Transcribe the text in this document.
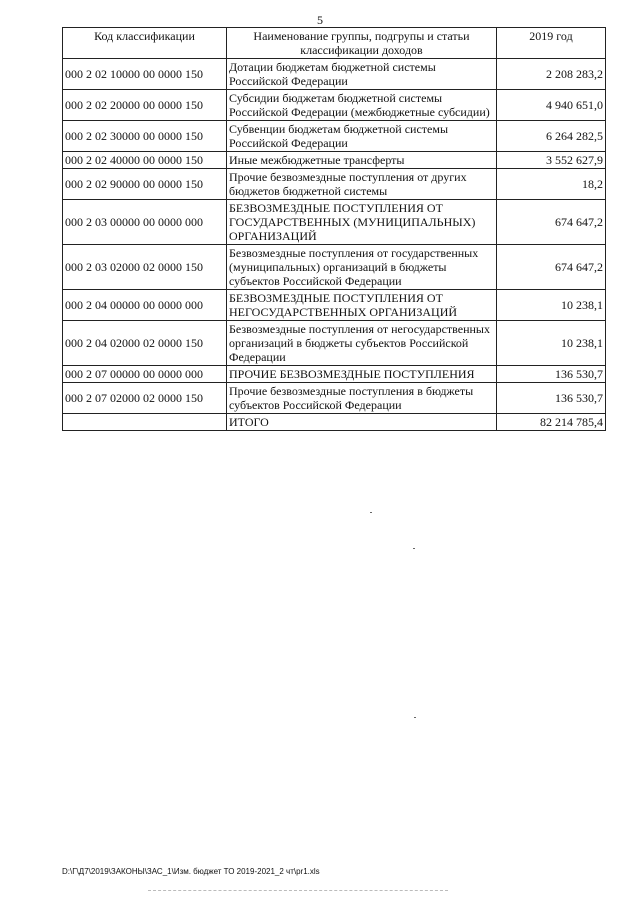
5
Код классификации	Наименование группы, подгрупы и статьи классификации доходов	2019 год
000 2 02 10000 00 0000 150	Дотации бюджетам бюджетной системы Российской Федерации	2 208 283,2
000 2 02 20000 00 0000 150	Субсидии бюджетам бюджетной системы Российской Федерации (межбюджетные субсидии)	4 940 651,0
000 2 02 30000 00 0000 150	Субвенции бюджетам бюджетной системы Российской Федерации	6 264 282,5
000 2 02 40000 00 0000 150	Иные межбюджетные трансферты	3 552 627,9
000 2 02 90000 00 0000 150	Прочие безвозмездные поступления от других бюджетов бюджетной системы	18,2
000 2 03 00000 00 0000 000	БЕЗВОЗМЕЗДНЫЕ ПОСТУПЛЕНИЯ ОТ ГОСУДАРСТВЕННЫХ (МУНИЦИПАЛЬНЫХ) ОРГАНИЗАЦИЙ	674 647,2
000 2 03 02000 02 0000 150	Безвозмездные поступления от государственных (муниципальных) организаций в бюджеты субъектов Российской Федерации	674 647,2
000 2 04 00000 00 0000 000	БЕЗВОЗМЕЗДНЫЕ ПОСТУПЛЕНИЯ ОТ НЕГОСУДАРСТВЕННЫХ ОРГАНИЗАЦИЙ	10 238,1
000 2 04 02000 02 0000 150	Безвозмездные поступления от негосударственных организаций в бюджеты субъектов Российской Федерации	10 238,1
000 2 07 00000 00 0000 000	ПРОЧИЕ БЕЗВОЗМЕЗДНЫЕ ПОСТУПЛЕНИЯ	136 530,7
000 2 07 02000 02 0000 150	Прочие безвозмездные поступления в бюджеты субъектов Российской Федерации	136 530,7
	ИТОГО	82 214 785,4
D:\Г\Д7\2019\ЗАКОНЫ\ЗАС_1\Изм. бюджет ТО 2019-2021_2 чт\pr1.xls
